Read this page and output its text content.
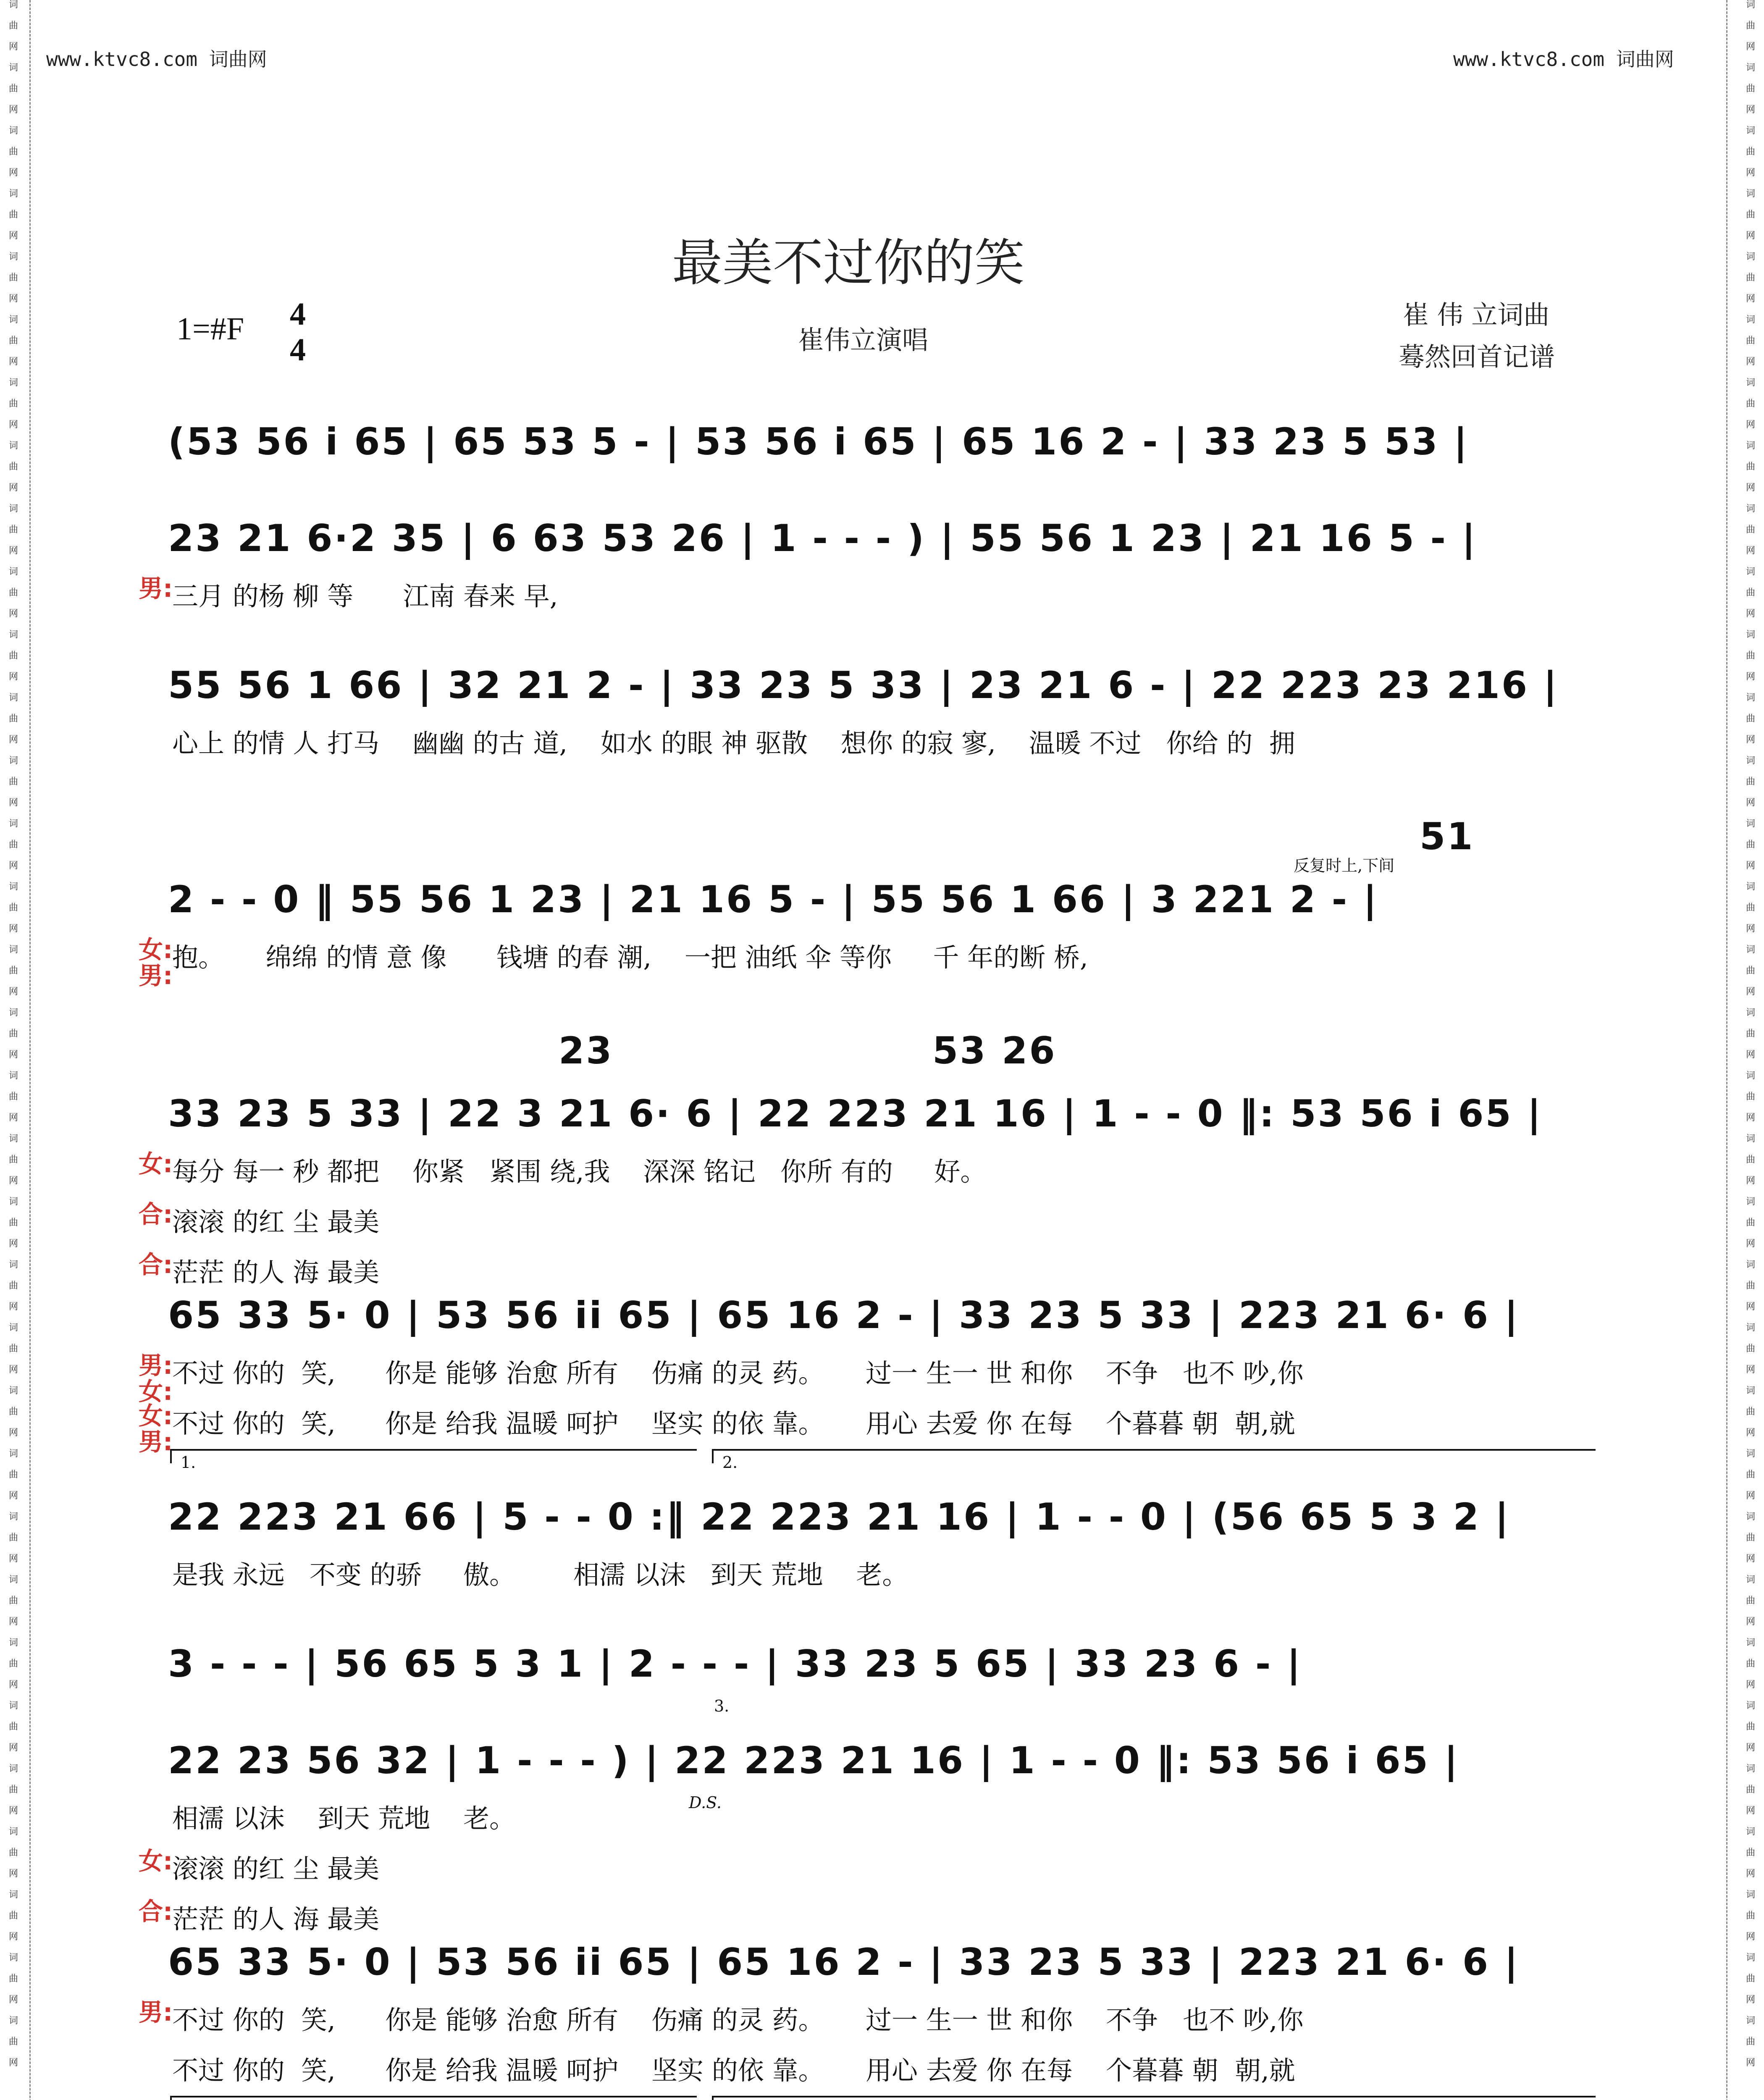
词
曲
网
词
曲
网
词
曲
网
词
曲
网
词
曲
网
词
曲
网
词
曲
网
词
曲
网
词
曲
网
词
曲
网
词
曲
网
词
曲
网
词
曲
网
词
曲
网
词
曲
网
词
曲
网
词
曲
网
词
曲
网
词
曲
网
词
曲
网
词
曲
网
词
曲
网
词
曲
网
词
曲
网
词
曲
网
词
曲
网
词
曲
网
词
曲
网
词
曲
网
词
曲
网
词
曲
网
词
曲
网
词
曲
网
词
曲
网
词
曲
网
词
曲
网
词
曲
网
词
曲
网
词
曲
网
词
曲
网
词
曲
网
词
曲
网
词
曲
网
词
曲
网
词
曲
网
词
曲
网
词
曲
网
词
曲
网
词
曲
网
词
曲
网
词
曲
网
词
曲
网
词
曲
网
词
曲
网
词
曲
网
词
曲
网
词
曲
网
词
曲
网
词
曲
网
词
曲
网
词
曲
网
词
曲
网
词
曲
网
词
曲
网
词
曲
网
词
曲
网
www.ktvc8.com 词曲网	www.ktvc8.com 词曲网
最美不过你的笑
1=#F 4
4	崔伟立演唱
崔 伟 立词曲
蓦然回首记谱
(53 56 i 65 | 65 53 5 - | 53 56 i 65 | 65 16 2 - | 33 23 5 53 |
23 21 6·2 35 | 6 63 53 26 | 1 - - - ) | 55 56 1 23 | 21 16 5 - |
男:
三月 的杨 柳 等      江南 春来 早,
55 56 1 66 | 32 21 2 - | 33 23 5 33 | 23 21 6 - | 22 223 23 216 |
心上 的情 人 打马    幽幽 的古 道,    如水 的眼 神 驱散    想你 的寂 寥,    温暖 不过   你给 的  拥
2 - - 0 ‖ 55 56 1 23 | 21 16 5 - | 55 56 1 66 | 3 221 2 - |
51
反复时上,下间
女:
男:
抱。     绵绵 的情 意 像      钱塘 的春 潮,    一把 油纸 伞 等你     千 年的断 桥,
33 23 5 33 | 22 3 21 6· 6 | 22 223 21 16 | 1 - - 0 ‖: 53 56 i 65 |
23	53 26
女:
每分 每一 秒 都把    你紧   紧围 绕,我    深深 铭记   你所 有的     好。
合:
滚滚 的红 尘 最美
合:
茫茫 的人 海 最美
65 33 5· 0 | 53 56 ii 65 | 65 16 2 - | 33 23 5 33 | 223 21 6· 6 |
男:
女:
不过 你的  笑,      你是 能够 治愈 所有    伤痛 的灵 药。     过一 生一 世 和你    不争   也不 吵,你
女:
男:
不过 你的  笑,      你是 给我 温暖 呵护    坚实 的依 靠。     用心 去爱 你 在每    个暮暮 朝  朝,就
22 223 21 66 | 5 - - 0 :‖ 22 223 21 16 | 1 - - 0 | (56 65 5 3 2 |
1.	2.
是我 永远   不变 的骄     傲。       相濡 以沫   到天 荒地    老。
3 - - - | 56 65 5 3 1 | 2 - - - | 33 23 5 65 | 33 23 6 - |
22 23 56 32 | 1 - - - ) | 22 223 21 16 | 1 - - 0 ‖: 53 56 i 65 |
3.
D.S.
相濡 以沫    到天 荒地    老。
女:
滚滚 的红 尘 最美
合:
茫茫 的人 海 最美
65 33 5· 0 | 53 56 ii 65 | 65 16 2 - | 33 23 5 33 | 223 21 6· 6 |
男:
不过 你的  笑,      你是 能够 治愈 所有    伤痛 的灵 药。     过一 生一 世 和你    不争   也不 吵,你
不过 你的  笑,      你是 给我 温暖 呵护    坚实 的依 靠。     用心 去爱 你 在每    个暮暮 朝  朝,就
